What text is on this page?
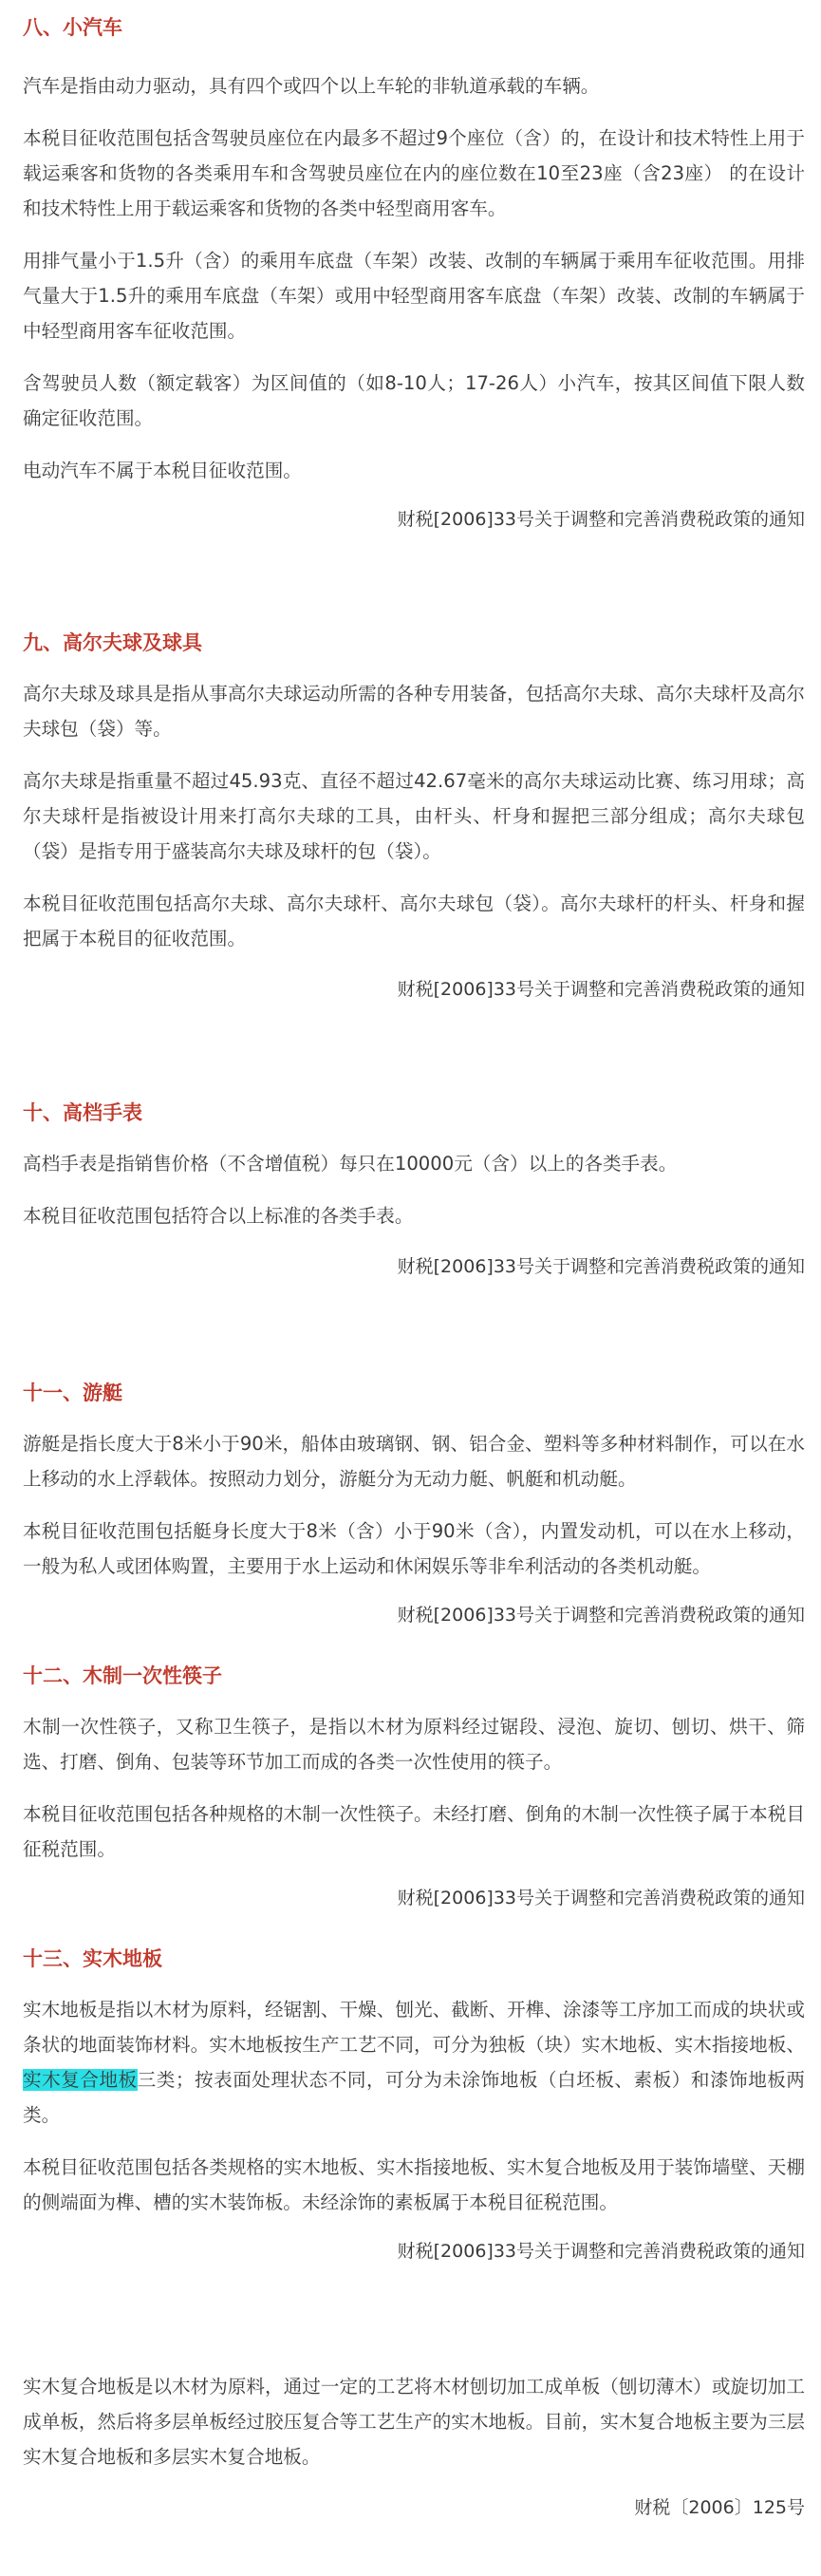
八、小汽车
汽车是指由动力驱动，具有四个或四个以上车轮的非轨道承载的车辆。
本税目征收范围包括含驾驶员座位在内最多不超过9个座位（含）的，在设计和技术特性上用于载运乘客和货物的各类乘用车和含驾驶员座位在内的座位数在10至23座（含23座） 的在设计和技术特性上用于载运乘客和货物的各类中轻型商用客车。
用排气量小于1.5升（含）的乘用车底盘（车架）改装、改制的车辆属于乘用车征收范围。用排气量大于1.5升的乘用车底盘（车架）或用中轻型商用客车底盘（车架）改装、改制的车辆属于中轻型商用客车征收范围。
含驾驶员人数（额定载客）为区间值的（如8-10人；17-26人）小汽车，按其区间值下限人数确定征收范围。
电动汽车不属于本税目征收范围。
财税[2006]33号关于调整和完善消费税政策的通知
九、高尔夫球及球具
高尔夫球及球具是指从事高尔夫球运动所需的各种专用装备，包括高尔夫球、高尔夫球杆及高尔夫球包（袋）等。
高尔夫球是指重量不超过45.93克、直径不超过42.67毫米的高尔夫球运动比赛、练习用球；高尔夫球杆是指被设计用来打高尔夫球的工具，由杆头、杆身和握把三部分组成；高尔夫球包（袋）是指专用于盛装高尔夫球及球杆的包（袋）。
本税目征收范围包括高尔夫球、高尔夫球杆、高尔夫球包（袋）。高尔夫球杆的杆头、杆身和握把属于本税目的征收范围。
财税[2006]33号关于调整和完善消费税政策的通知
十、高档手表
高档手表是指销售价格（不含增值税）每只在10000元（含）以上的各类手表。
本税目征收范围包括符合以上标准的各类手表。
财税[2006]33号关于调整和完善消费税政策的通知
十一、游艇
游艇是指长度大于8米小于90米，船体由玻璃钢、钢、铝合金、塑料等多种材料制作，可以在水上移动的水上浮载体。按照动力划分，游艇分为无动力艇、帆艇和机动艇。
本税目征收范围包括艇身长度大于8米（含）小于90米（含），内置发动机，可以在水上移动，一般为私人或团体购置，主要用于水上运动和休闲娱乐等非牟利活动的各类机动艇。
财税[2006]33号关于调整和完善消费税政策的通知
十二、木制一次性筷子
木制一次性筷子，又称卫生筷子，是指以木材为原料经过锯段、浸泡、旋切、刨切、烘干、筛选、打磨、倒角、包装等环节加工而成的各类一次性使用的筷子。
本税目征收范围包括各种规格的木制一次性筷子。未经打磨、倒角的木制一次性筷子属于本税目征税范围。
财税[2006]33号关于调整和完善消费税政策的通知
十三、实木地板
实木地板是指以木材为原料，经锯割、干燥、刨光、截断、开榫、涂漆等工序加工而成的块状或条状的地面装饰材料。实木地板按生产工艺不同，可分为独板（块）实木地板、实木指接地板、实木复合地板三类；按表面处理状态不同，可分为未涂饰地板（白坯板、素板）和漆饰地板两类。
本税目征收范围包括各类规格的实木地板、实木指接地板、实木复合地板及用于装饰墙壁、天棚的侧端面为榫、槽的实木装饰板。未经涂饰的素板属于本税目征税范围。
财税[2006]33号关于调整和完善消费税政策的通知
实木复合地板是以木材为原料，通过一定的工艺将木材刨切加工成单板（刨切薄木）或旋切加工成单板，然后将多层单板经过胶压复合等工艺生产的实木地板。目前，实木复合地板主要为三层实木复合地板和多层实木复合地板。
财税〔2006〕125号
